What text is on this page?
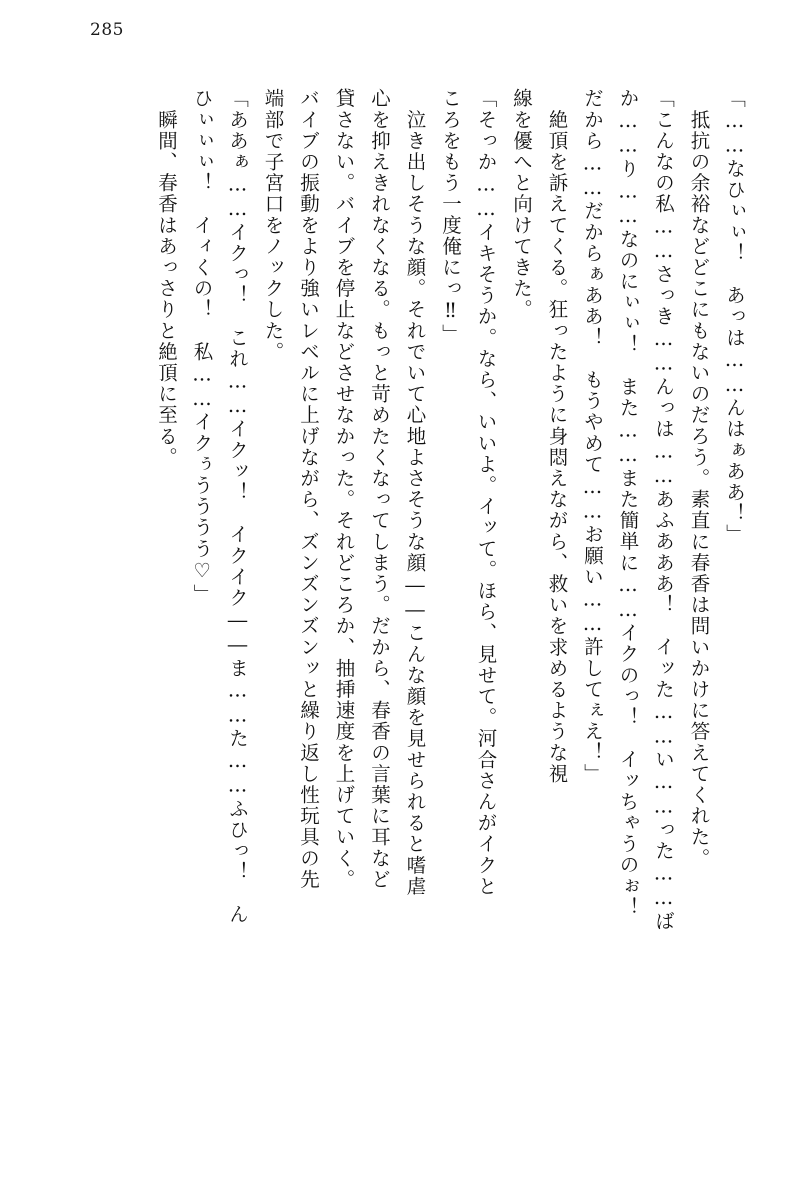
285

「……なひぃぃ！　あっは……んはぁああ！」

　抵抗の余裕などどこにもないのだろう。素直に春香は問いかけに答えてくれた。

「こんなの私……さっき……んっは……あふあああ！　イッた……い……った……ば

か……り……なのにぃぃ！　また……また簡単に……イクのっ！　イッちゃうのぉ！

だから……だからぁああ！　もうやめて……お願い……許してぇえ！」

　絶頂を訴えてくる。狂ったように身悶えながら、救いを求めるような視

線を優へと向けてきた。

「そっか……イキそうか。なら、いいよ。イッて。ほら、見せて。河合さんがイクと

ころをもう一度俺にっ‼」

　泣き出しそうな顔。それでいて心地よさそうな顔――こんな顔を見せられると嗜虐

心を抑えきれなくなる。もっと苛めたくなってしまう。だから、春香の言葉に耳など

貸さない。バイブを停止などさせなかった。それどころか、抽挿速度を上げていく。

バイブの振動をより強いレベルに上げながら、ズンズンズンッと繰り返し性玩具の先

端部で子宮口をノックした。

「ああぁ……イクっ！　これ……イクッ！　イクイク――ま……た……ふひっ！　ん

ひぃぃぃ！　イィくの！　私……イクぅうううう♡」

　瞬間、春香はあっさりと絶頂に至る。
